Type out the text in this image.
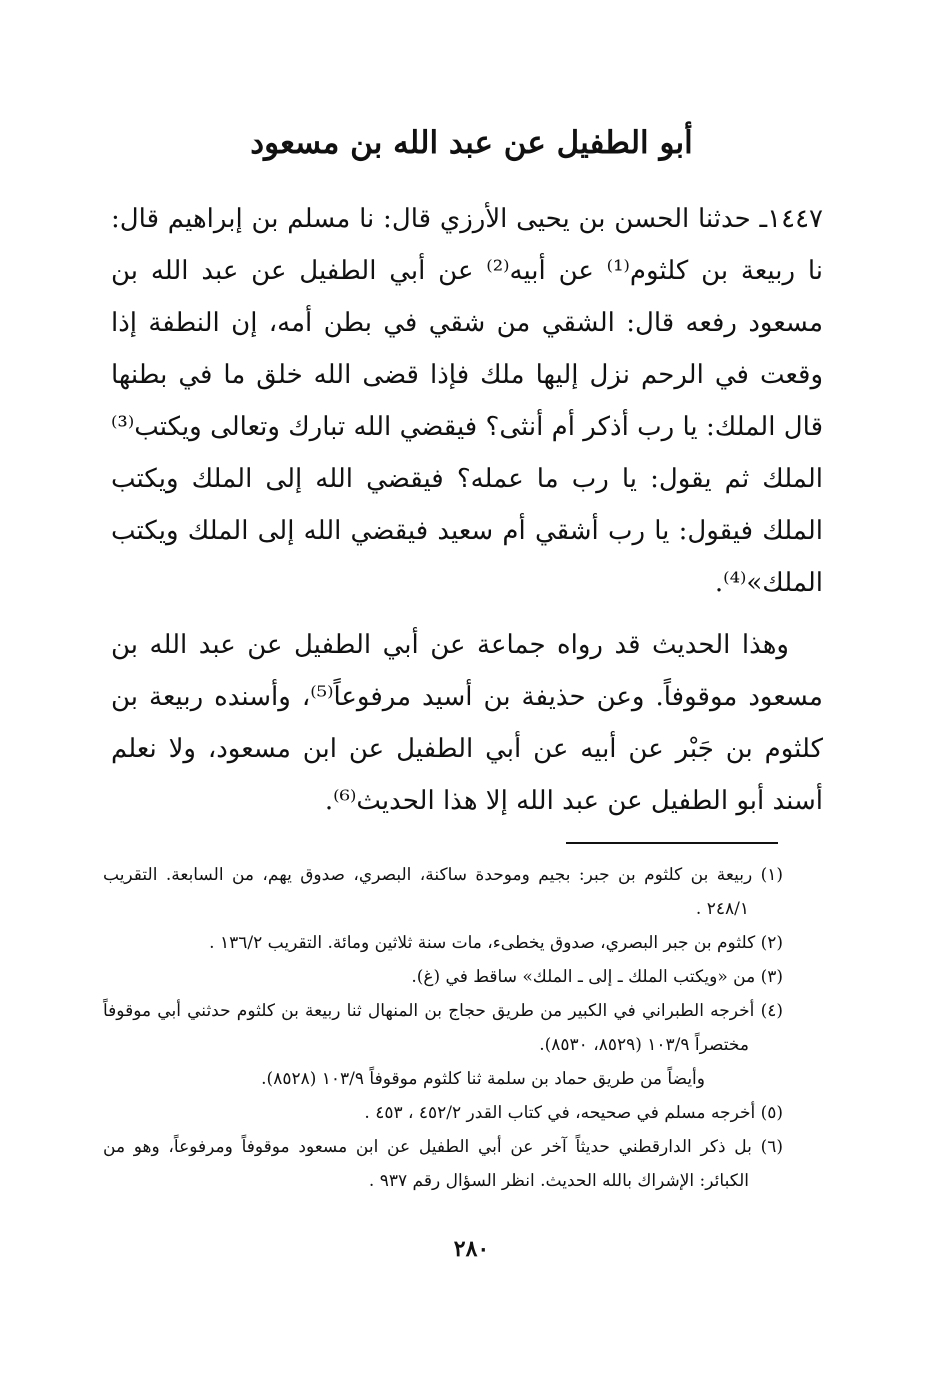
أبو الطفيل عن عبد الله بن مسعود

١٤٤٧ـ حدثنا الحسن بن يحيى الأرزي قال: نا مسلم بن إبراهيم قال: نا ربيعة بن كلثوم⁽¹⁾ عن أبيه⁽²⁾ عن أبي الطفيل عن عبد الله بن مسعود رفعه قال: الشقي من شقي في بطن أمه، إن النطفة إذا وقعت في الرحم نزل إليها ملك فإذا قضى الله خلق ما في بطنها قال الملك: يا رب أذكر أم أنثى؟ فيقضي الله تبارك وتعالى ويكتب⁽³⁾ الملك ثم يقول: يا رب ما عمله؟ فيقضي الله إلى الملك ويكتب الملك فيقول: يا رب أشقي أم سعيد فيقضي الله إلى الملك ويكتب الملك»⁽⁴⁾.

وهذا الحديث قد رواه جماعة عن أبي الطفيل عن عبد الله بن مسعود موقوفاً. وعن حذيفة بن أسيد مرفوعاً⁽⁵⁾، وأسنده ربيعة بن كلثوم بن جَبْر عن أبيه عن أبي الطفيل عن ابن مسعود، ولا نعلم أسند أبو الطفيل عن عبد الله إلا هذا الحديث⁽⁶⁾.

(١) ربيعة بن كلثوم بن جبر: بجيم وموحدة ساكنة، البصري، صدوق يهم، من السابعة. التقريب ٢٤٨/١ .

(٢) كلثوم بن جبر البصري، صدوق يخطىء، مات سنة ثلاثين ومائة. التقريب ١٣٦/٢ .

(٣) من «ويكتب الملك ـ إلى ـ الملك» ساقط في (غ).

(٤) أخرجه الطبراني في الكبير من طريق حجاج بن المنهال ثنا ربيعة بن كلثوم حدثني أبي موقوفاً مختصراً ١٠٣/٩ (٨٥٢٩، ٨٥٣٠).

وأيضاً من طريق حماد بن سلمة ثنا كلثوم موقوفاً ١٠٣/٩ (٨٥٢٨).

(٥) أخرجه مسلم في صحيحه، في كتاب القدر ٤٥٢/٢ ، ٤٥٣ .

(٦) بل ذكر الدارقطني حديثاً آخر عن أبي الطفيل عن ابن مسعود موقوفاً ومرفوعاً، وهو من الكبائر: الإشراك بالله الحديث. انظر السؤال رقم ٩٣٧ .

٢٨٠
